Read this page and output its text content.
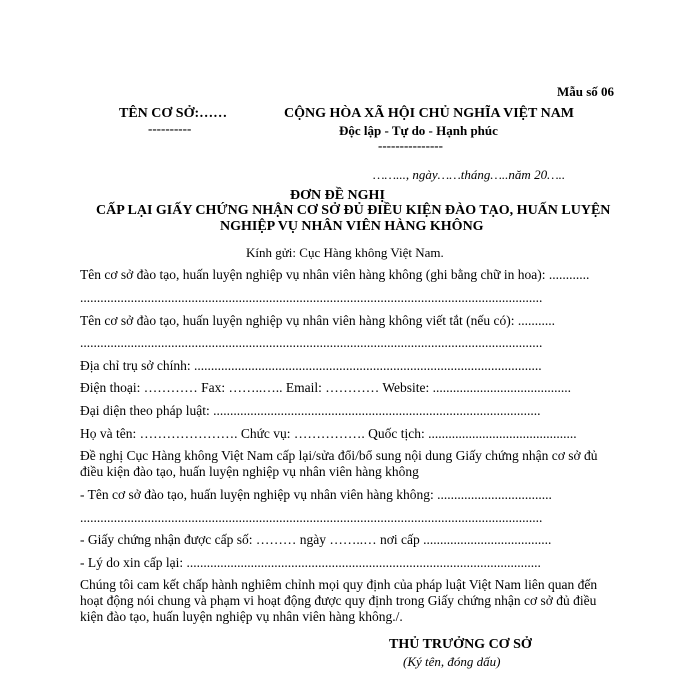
Mẫu số 06
TÊN CƠ SỞ:……
----------
CỘNG HÒA XÃ HỘI CHỦ NGHĨA VIỆT NAM
Độc lập - Tự do - Hạnh phúc
---------------
……..., ngày……tháng…..năm 20…..
ĐƠN ĐỀ NGHỊ
CẤP LẠI GIẤY CHỨNG NHẬN CƠ SỞ ĐỦ ĐIỀU KIỆN ĐÀO TẠO, HUẤN LUYỆN
NGHIỆP VỤ NHÂN VIÊN HÀNG KHÔNG
Kính gửi: Cục Hàng không Việt Nam.
Tên cơ sở đào tạo, huấn luyện nghiệp vụ nhân viên hàng không (ghi bằng chữ in hoa): ............
.........................................................................................................................................
Tên cơ sở đào tạo, huấn luyện nghiệp vụ nhân viên hàng không viết tắt (nếu có): ...........
.........................................................................................................................................
Địa chỉ trụ sở chính: .......................................................................................................
Điện thoại: ………… Fax: ……..….. Email: ………… Website: .........................................
Đại diện theo pháp luật: .................................................................................................
Họ và tên: …………………. Chức vụ: ……………. Quốc tịch: ............................................
Đề nghị Cục Hàng không Việt Nam cấp lại/sửa đổi/bổ sung nội dung Giấy chứng nhận cơ sở đủ điều kiện đào tạo, huấn luyện nghiệp vụ nhân viên hàng không
- Tên cơ sở đào tạo, huấn luyện nghiệp vụ nhân viên hàng không: ..................................
.........................................................................................................................................
- Giấy chứng nhận được cấp số: ……… ngày ……..… nơi cấp ......................................
- Lý do xin cấp lại: .........................................................................................................
Chúng tôi cam kết chấp hành nghiêm chỉnh mọi quy định của pháp luật Việt Nam liên quan đến hoạt động nói chung và phạm vi hoạt động được quy định trong Giấy chứng nhận cơ sở đủ điều kiện đào tạo, huấn luyện nghiệp vụ nhân viên hàng không./.
THỦ TRƯỞNG CƠ SỞ
(Ký tên, đóng dấu)
